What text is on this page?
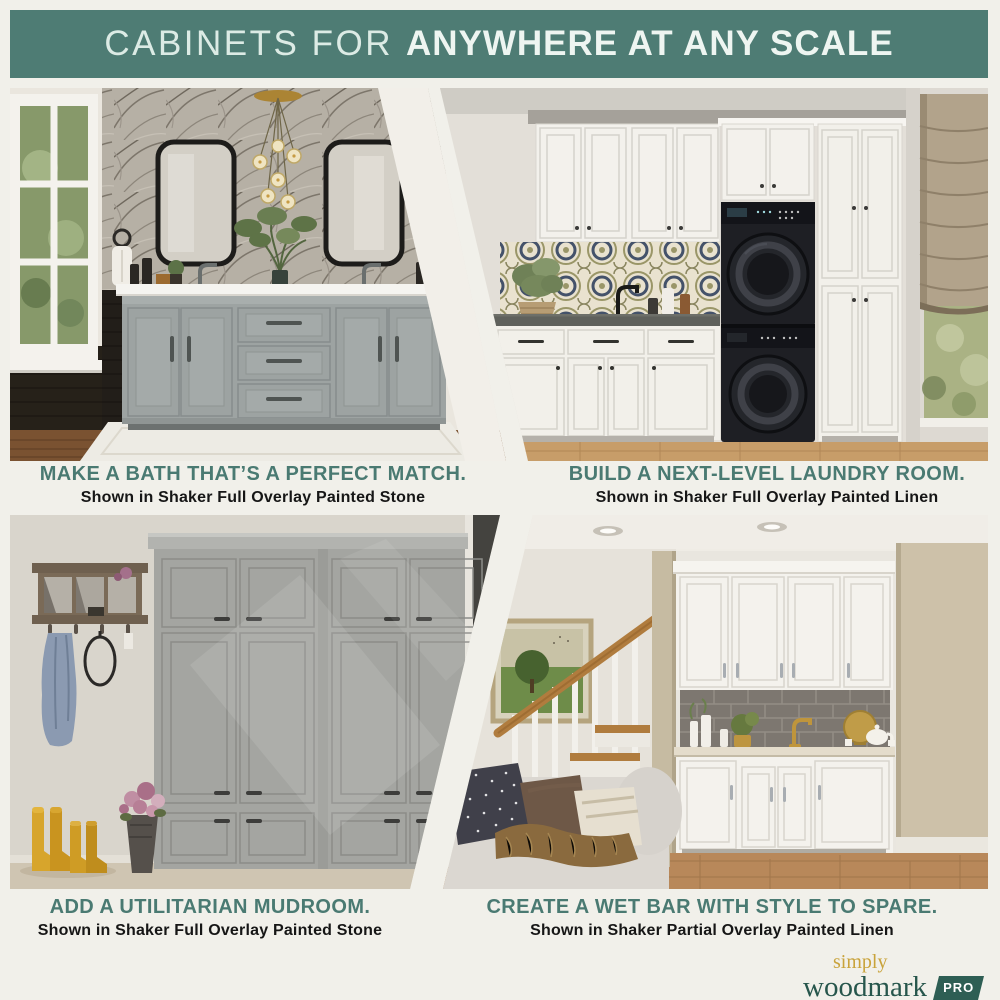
CABINETS FOR ANYWHERE AT ANY SCALE
MAKE A BATH THAT’S A PERFECT MATCH.
Shown in Shaker Full Overlay Painted Stone
BUILD A NEXT-LEVEL LAUNDRY ROOM.
Shown in Shaker Full Overlay Painted Linen
ADD A UTILITARIAN MUDROOM.
Shown in Shaker Full Overlay Painted Stone
CREATE A WET BAR WITH STYLE TO SPARE.
Shown in Shaker Partial Overlay Painted Linen
simply
woodmark	PRO
